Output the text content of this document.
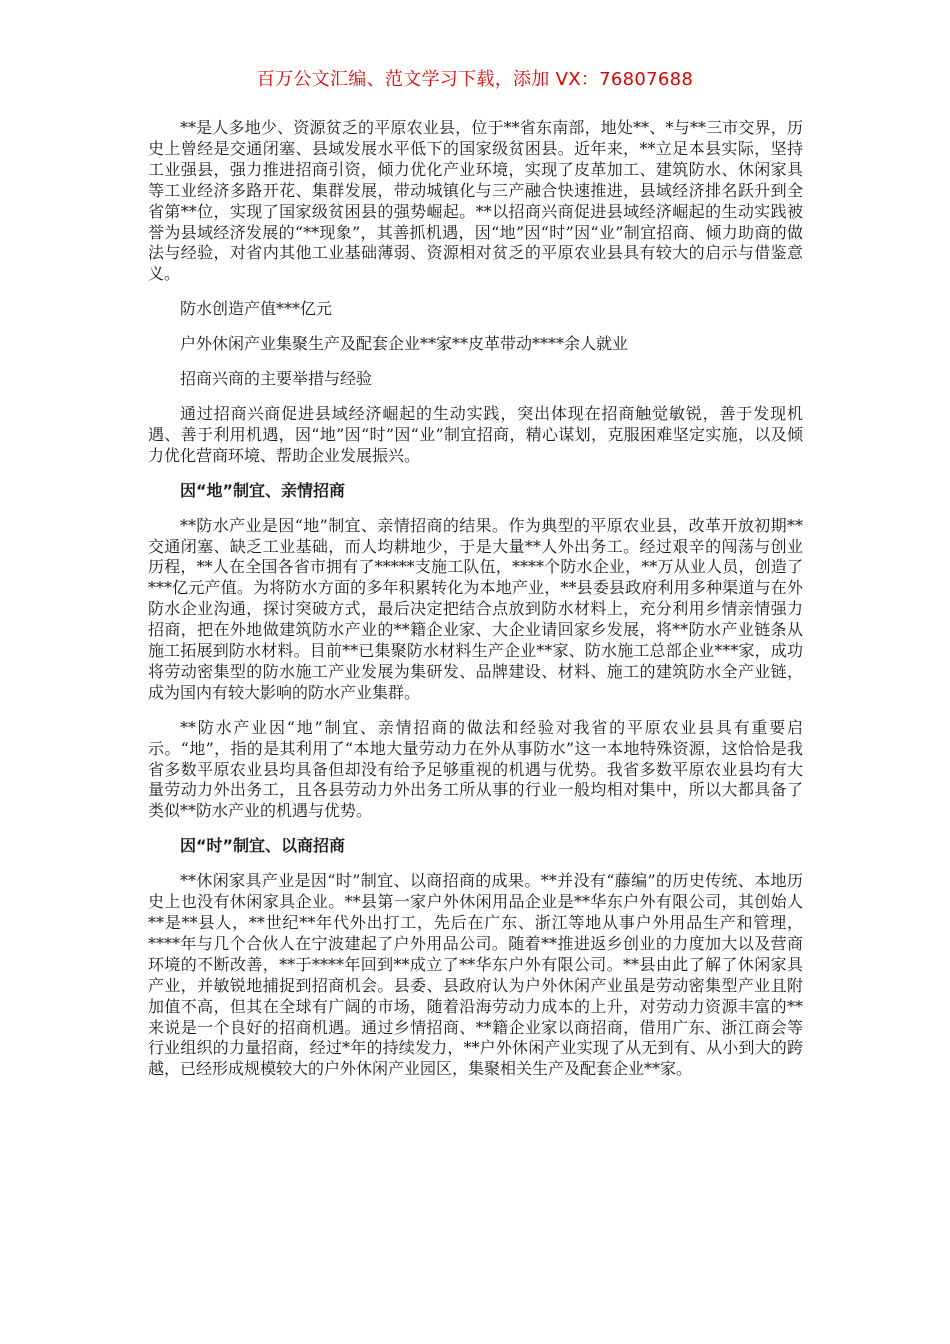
百万公文汇编、范文学习下载，添加 VX：76807688

**是人多地少、资源贫乏的平原农业县，位于**省东南部，地处**、*与**三市交界，历史上曾经是交通闭塞、县域发展水平低下的国家级贫困县。近年来，**立足本县实际，坚持工业强县，强力推进招商引资，倾力优化产业环境，实现了皮革加工、建筑防水、休闲家具等工业经济多路开花、集群发展，带动城镇化与三产融合快速推进，县域经济排名跃升到全省第**位，实现了国家级贫困县的强势崛起。**以招商兴商促进县域经济崛起的生动实践被誉为县域经济发展的“**现象”，其善抓机遇，因“地”因“时”因“业”制宜招商、倾力助商的做法与经验，对省内其他工业基础薄弱、资源相对贫乏的平原农业县具有较大的启示与借鉴意义。

防水创造产值***亿元

户外休闲产业集聚生产及配套企业**家**皮革带动****余人就业

招商兴商的主要举措与经验

通过招商兴商促进县域经济崛起的生动实践，突出体现在招商触觉敏锐，善于发现机遇、善于利用机遇，因“地”因“时”因“业”制宜招商，精心谋划，克服困难坚定实施，以及倾力优化营商环境、帮助企业发展振兴。

因“地”制宜、亲情招商

**防水产业是因“地”制宜、亲情招商的结果。作为典型的平原农业县，改革开放初期**交通闭塞、缺乏工业基础，而人均耕地少，于是大量**人外出务工。经过艰辛的闯荡与创业历程，**人在全国各省市拥有了*****支施工队伍，****个防水企业，**万从业人员，创造了***亿元产值。为将防水方面的多年积累转化为本地产业，**县委县政府利用多种渠道与在外防水企业沟通，探讨突破方式，最后决定把结合点放到防水材料上，充分利用乡情亲情强力招商，把在外地做建筑防水产业的**籍企业家、大企业请回家乡发展，将**防水产业链条从施工拓展到防水材料。目前**已集聚防水材料生产企业**家、防水施工总部企业***家，成功将劳动密集型的防水施工产业发展为集研发、品牌建设、材料、施工的建筑防水全产业链，成为国内有较大影响的防水产业集群。

**防水产业因“地”制宜、亲情招商的做法和经验对我省的平原农业县具有重要启示。“地”，指的是其利用了“本地大量劳动力在外从事防水”这一本地特殊资源，这恰恰是我省多数平原农业县均具备但却没有给予足够重视的机遇与优势。我省多数平原农业县均有大量劳动力外出务工，且各县劳动力外出务工所从事的行业一般均相对集中，所以大都具备了类似**防水产业的机遇与优势。

因“时”制宜、以商招商

**休闲家具产业是因“时”制宜、以商招商的成果。**并没有“藤编”的历史传统、本地历史上也没有休闲家具企业。**县第一家户外休闲用品企业是**华东户外有限公司，其创始人**是**县人，**世纪**年代外出打工，先后在广东、浙江等地从事户外用品生产和管理，****年与几个合伙人在宁波建起了户外用品公司。随着**推进返乡创业的力度加大以及营商环境的不断改善，**于****年回到**成立了**华东户外有限公司。**县由此了解了休闲家具产业，并敏锐地捕捉到招商机会。县委、县政府认为户外休闲产业虽是劳动密集型产业且附加值不高，但其在全球有广阔的市场，随着沿海劳动力成本的上升，对劳动力资源丰富的**来说是一个良好的招商机遇。通过乡情招商、**籍企业家以商招商，借用广东、浙江商会等行业组织的力量招商，经过*年的持续发力，**户外休闲产业实现了从无到有、从小到大的跨越，已经形成规模较大的户外休闲产业园区，集聚相关生产及配套企业**家。
